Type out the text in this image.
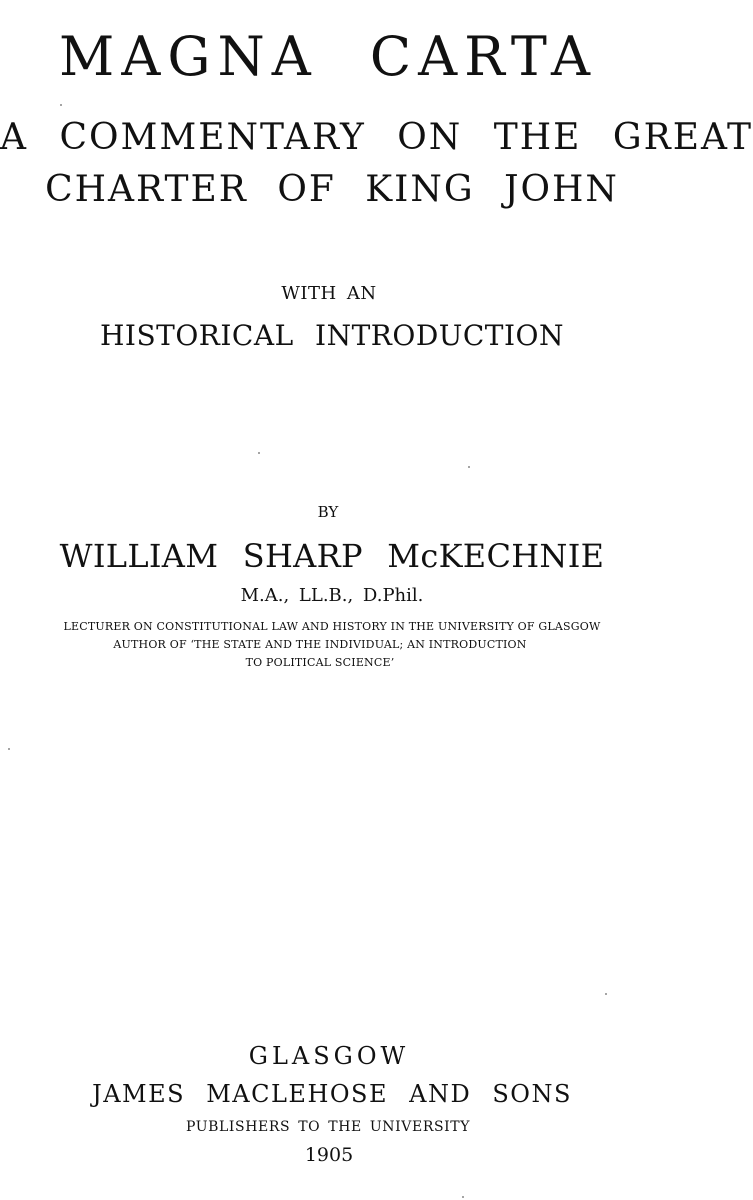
MAGNA CARTA
A COMMENTARY ON THE GREAT
CHARTER OF KING JOHN
WITH AN
HISTORICAL INTRODUCTION
BY
WILLIAM SHARP McKECHNIE
M.A., LL.B., D.Phil.
LECTURER ON CONSTITUTIONAL LAW AND HISTORY IN THE UNIVERSITY OF GLASGOW
AUTHOR OF ‘THE STATE AND THE INDIVIDUAL; AN INTRODUCTION
TO POLITICAL SCIENCE’
GLASGOW
JAMES MACLEHOSE AND SONS
PUBLISHERS TO THE UNIVERSITY
1905
